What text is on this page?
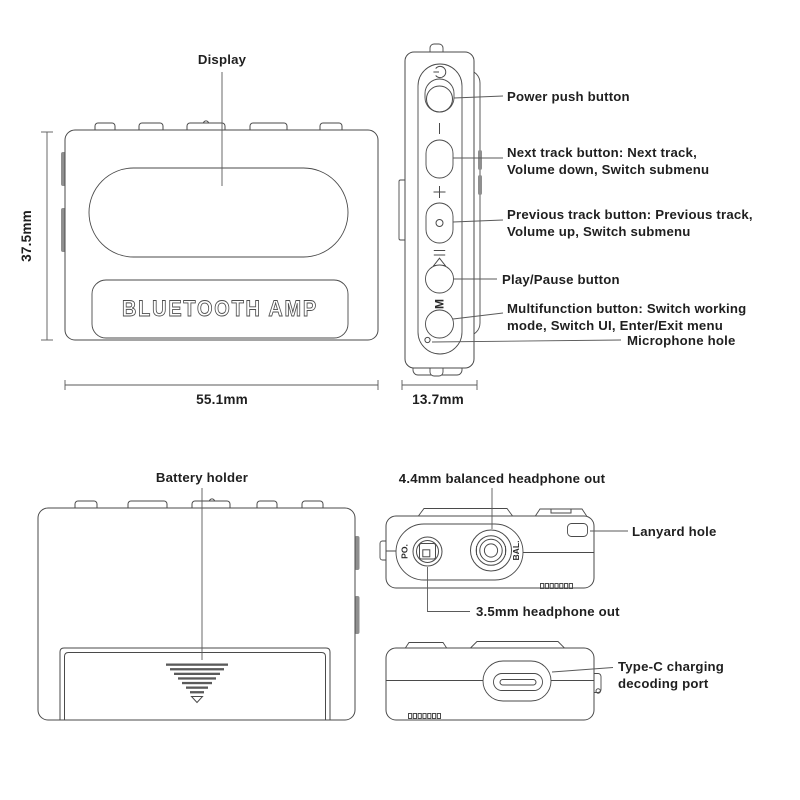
BLUETOOTH AMP
Display
37.5mm
55.1mm
M
Power push button
Next track button: Next track,
Volume down, Switch submenu
Previous track button: Previous track,
Volume up, Switch submenu
Play/Pause button
Multifunction button: Switch working
mode, Switch UI, Enter/Exit menu
Microphone hole
13.7mm
Battery holder
PO.	BAL.
4.4mm balanced headphone out
Lanyard hole
3.5mm headphone out
Type-C charging
decoding port
